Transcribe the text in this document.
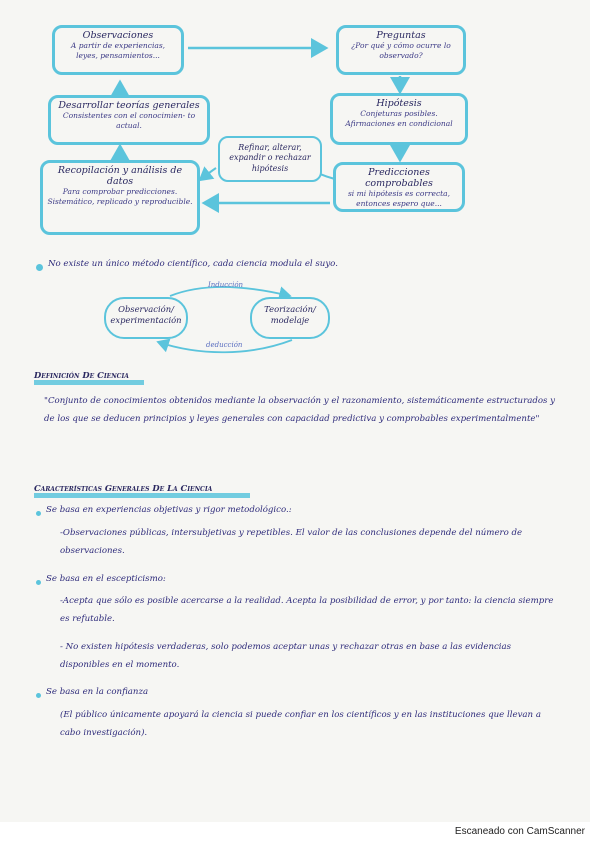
Observaciones
A partir de experiencias, leyes, pensamientos...
Preguntas
¿Por qué y cómo ocurre lo observado?
Desarrollar teorías generales
Consistentes con el conocimien- to actual.
Hipótesis
Conjeturas posibles. Afirmaciones en condicional
Refinar, alterar, expandir o rechazar hipótesis
Recopilación y análisis de datos
Para comprobar predicciones. Sistemático, replicado y reproducible.
Predicciones comprobables
si mi hipótesis es correcta, entonces espero que...
No existe un único método científico, cada ciencia modula el suyo.
Observación/ experimentación
Teorización/ modelaje
Inducción
deducción
Definición De Ciencia
"Conjunto de conocimientos obtenidos mediante la observación y el razonamiento, sistemáticamente estructurados y de los que se deducen principios y leyes generales con capacidad predictiva y comprobables experimentalmente"
Características Generales De La Ciencia
Se basa en experiencias objetivas y rigor metodológico.:
-Observaciones públicas, intersubjetivas y repetibles. El valor de las conclusiones depende del número de observaciones.
Se basa en el escepticismo:
-Acepta que sólo es posible acercarse a la realidad. Acepta la posibilidad de error, y por tanto: la ciencia siempre es refutable.
- No existen hipótesis verdaderas, solo podemos aceptar unas y rechazar otras en base a las evidencias disponibles en el momento.
Se basa en la confianza
(El público únicamente apoyará la ciencia si puede confiar en los científicos y en las instituciones que llevan a cabo investigación).
Escaneado con CamScanner
